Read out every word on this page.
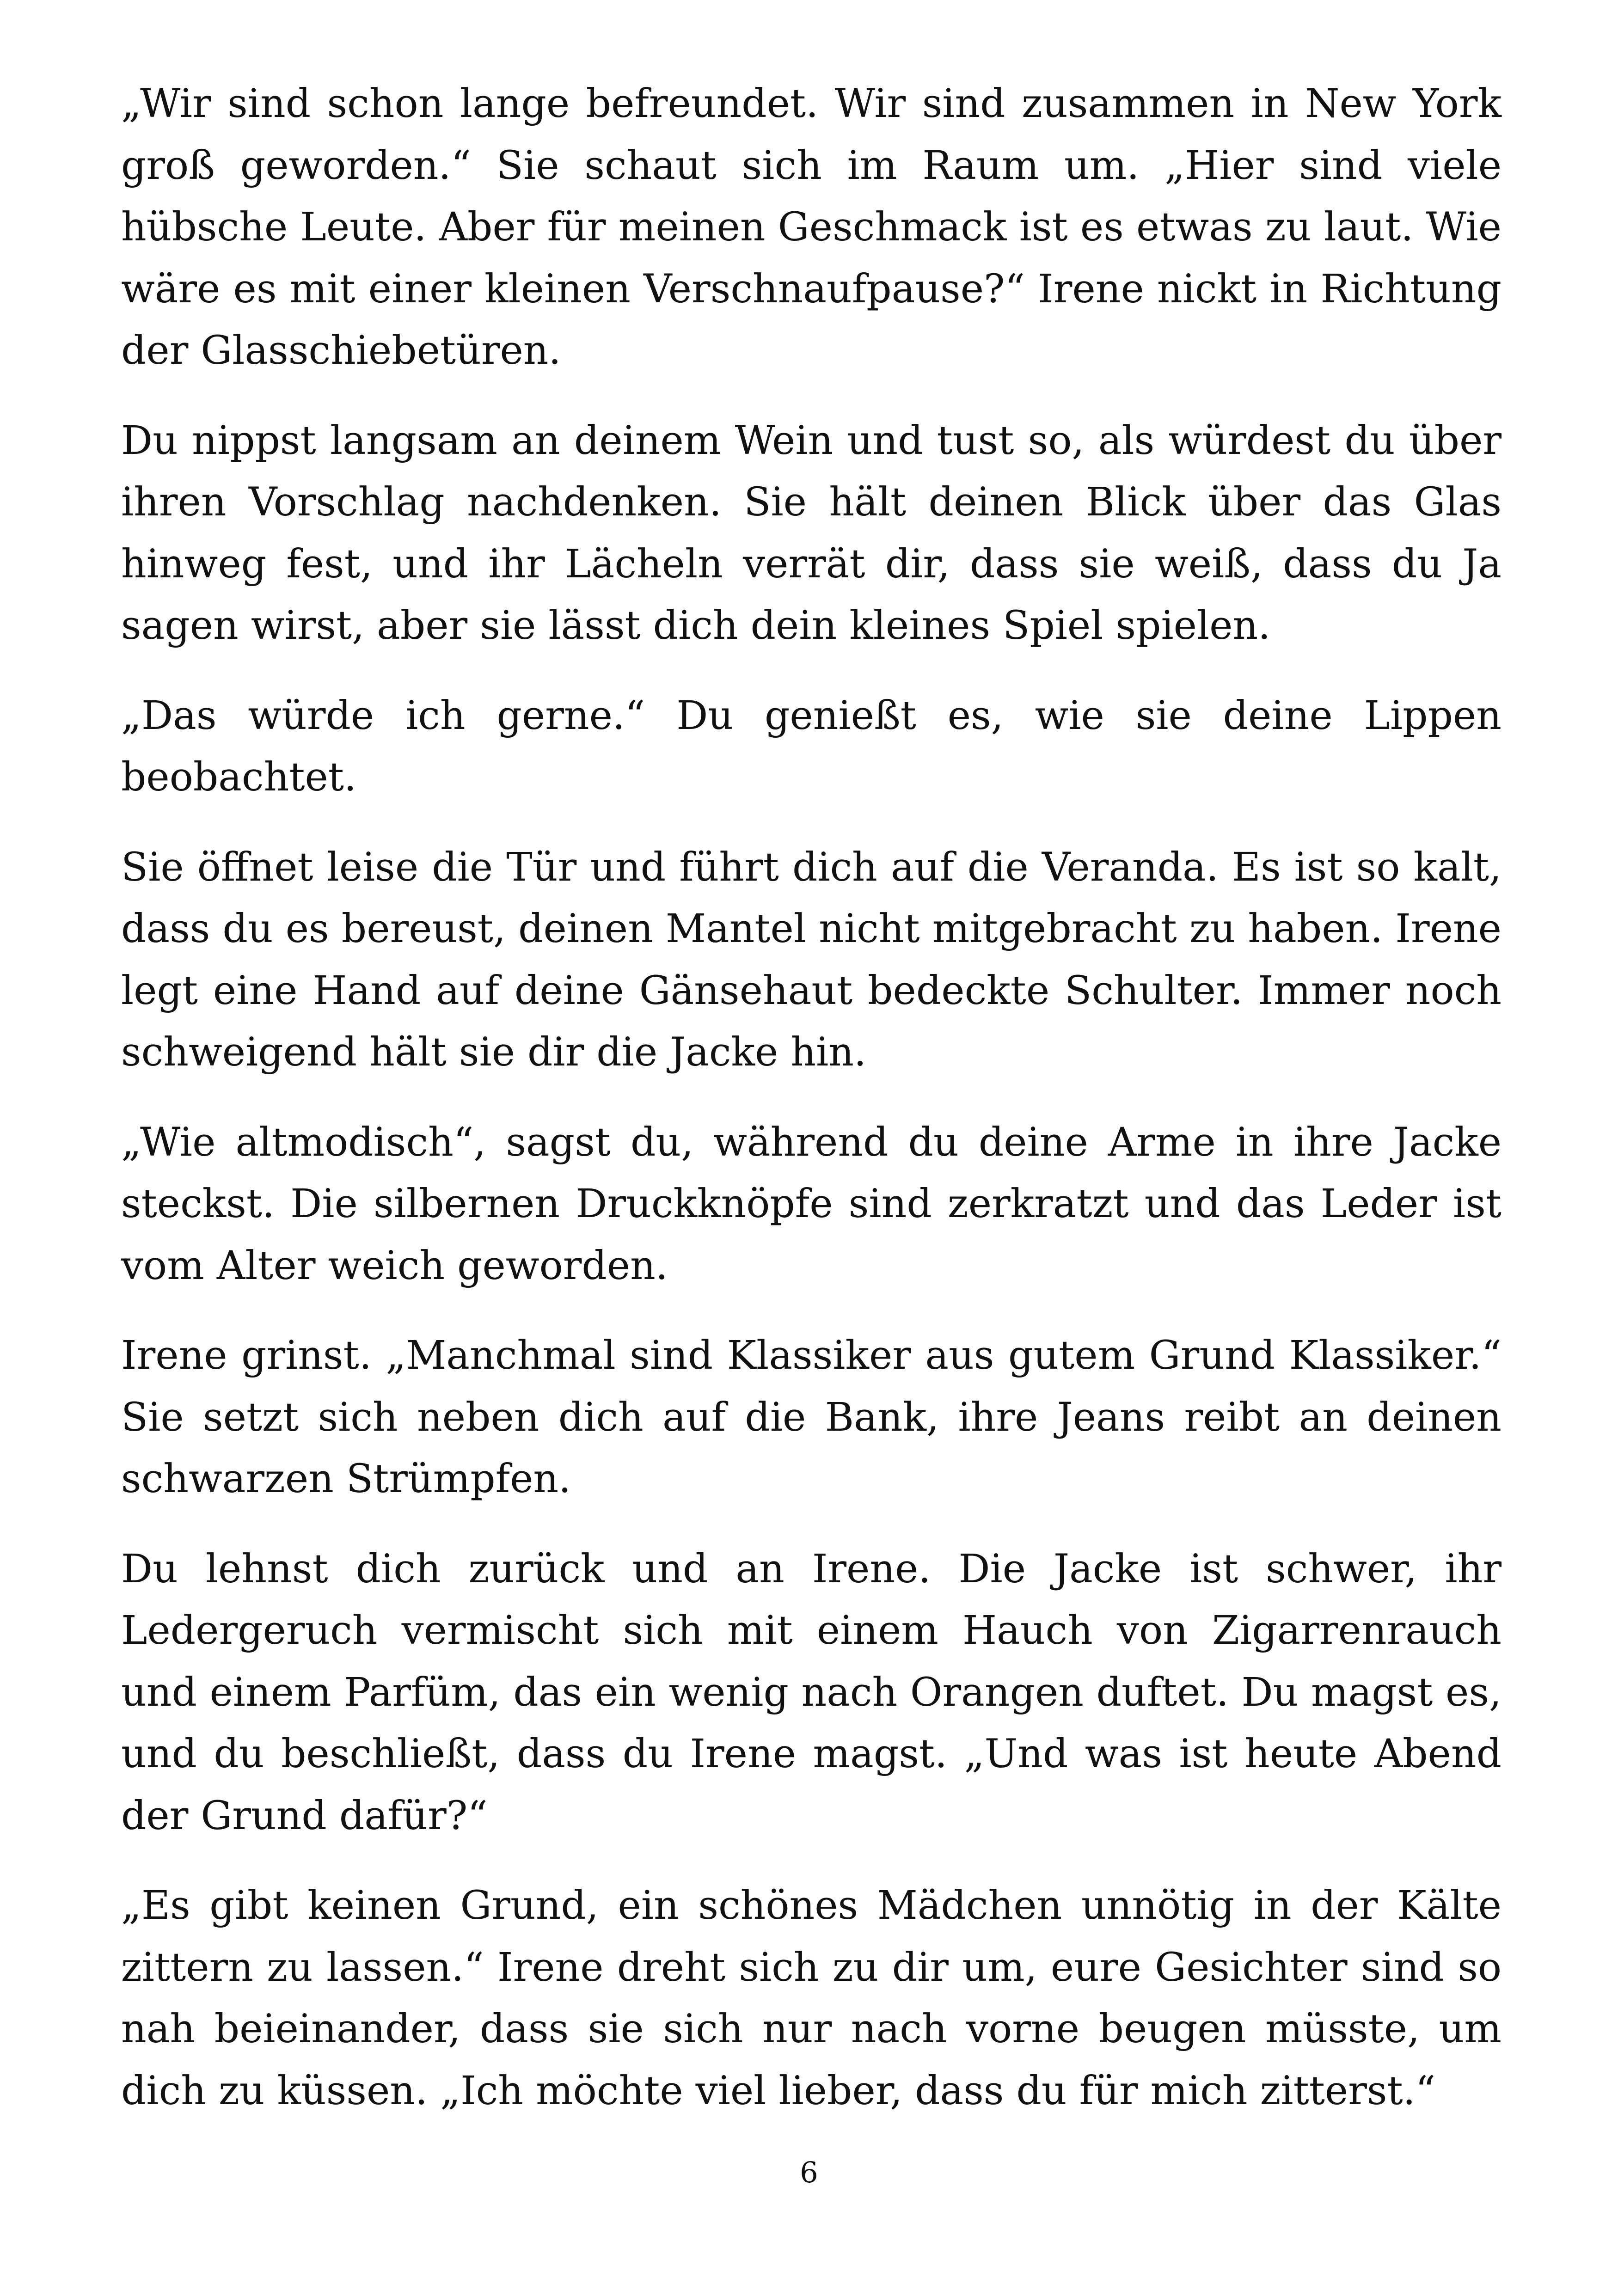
„Wir sind schon lange befreundet. Wir sind zusammen in New York groß geworden.“ Sie schaut sich im Raum um. „Hier sind viele hübsche Leute. Aber für meinen Geschmack ist es etwas zu laut. Wie wäre es mit einer kleinen Verschnaufpause?“ Irene nickt in Richtung der Glasschiebetüren.

Du nippst langsam an deinem Wein und tust so, als würdest du über ihren Vorschlag nachdenken. Sie hält deinen Blick über das Glas hinweg fest, und ihr Lächeln verrät dir, dass sie weiß, dass du Ja sagen wirst, aber sie lässt dich dein kleines Spiel spielen.

„Das würde ich gerne.“ Du genießt es, wie sie deine Lippen beobachtet.

Sie öffnet leise die Tür und führt dich auf die Veranda. Es ist so kalt, dass du es bereust, deinen Mantel nicht mitgebracht zu haben. Irene legt eine Hand auf deine Gänsehaut bedeckte Schulter. Immer noch schweigend hält sie dir die Jacke hin.

„Wie altmodisch“, sagst du, während du deine Arme in ihre Jacke steckst. Die silbernen Druckknöpfe sind zerkratzt und das Leder ist vom Alter weich geworden.

Irene grinst. „Manchmal sind Klassiker aus gutem Grund Klassiker.“ Sie setzt sich neben dich auf die Bank, ihre Jeans reibt an deinen schwarzen Strümpfen.

Du lehnst dich zurück und an Irene. Die Jacke ist schwer, ihr Ledergeruch vermischt sich mit einem Hauch von Zigarrenrauch und einem Parfüm, das ein wenig nach Orangen duftet. Du magst es, und du beschließt, dass du Irene magst. „Und was ist heute Abend der Grund dafür?“

„Es gibt keinen Grund, ein schönes Mädchen unnötig in der Kälte zittern zu lassen.“ Irene dreht sich zu dir um, eure Gesichter sind so nah beieinander, dass sie sich nur nach vorne beugen müsste, um dich zu küssen. „Ich möchte viel lieber, dass du für mich zitterst.“

6
